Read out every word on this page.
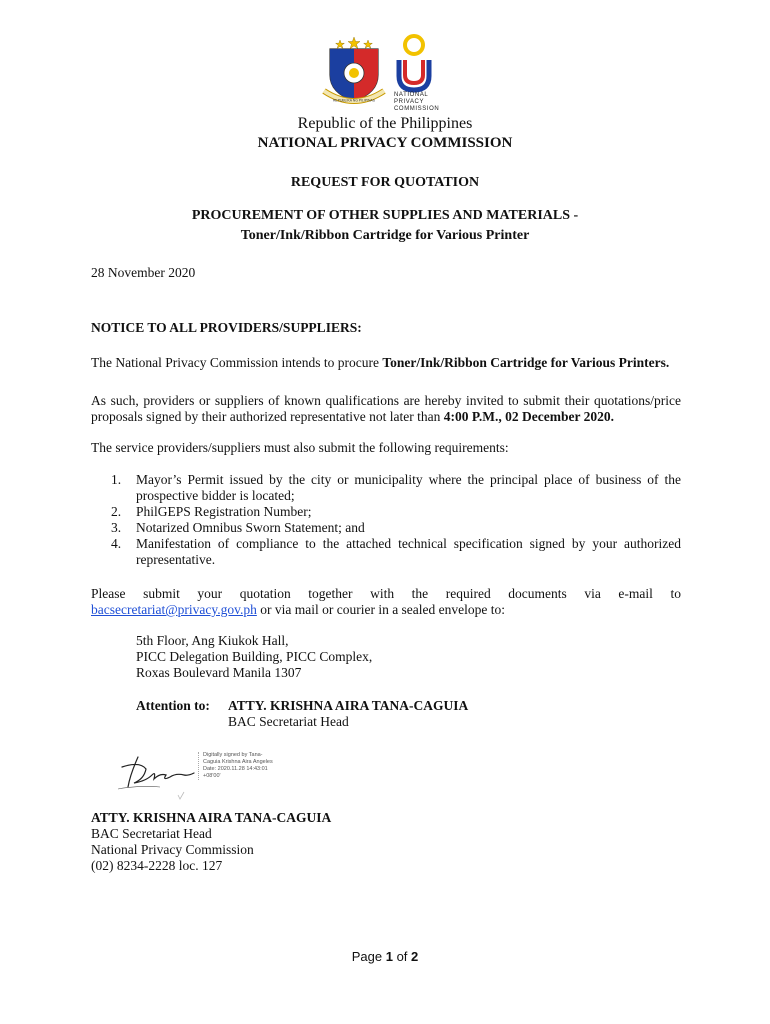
REPUBLIKA NG PILIPINAS
NATIONAL
PRIVACY
COMMISSION
Republic of the Philippines
NATIONAL PRIVACY COMMISSION
REQUEST FOR QUOTATION
PROCUREMENT OF OTHER SUPPLIES AND MATERIALS -
Toner/Ink/Ribbon Cartridge for Various Printer
28 November 2020
NOTICE TO ALL PROVIDERS/SUPPLIERS:
The National Privacy Commission intends to procure Toner/Ink/Ribbon Cartridge for Various Printers.
As such, providers or suppliers of known qualifications are hereby invited to submit their quotations/price
proposals signed by their authorized representative not later than 4:00 P.M., 02 December 2020.
The service providers/suppliers must also submit the following requirements:
1. Mayor’s Permit issued by the city or municipality where the principal place of business of the prospective bidder is located;
2. PhilGEPS Registration Number;
3. Notarized Omnibus Sworn Statement; and
4. Manifestation of compliance to the attached technical specification signed by your authorized representative.
Please submit your quotation together with the required documents via e-mail to
bacsecretariat@privacy.gov.ph or via mail or courier in a sealed envelope to:
5th Floor, Ang Kiukok Hall,
PICC Delegation Building, PICC Complex,
Roxas Boulevard Manila 1307
Attention to: ATTY. KRISHNA AIRA TANA-CAGUIA
BAC Secretariat Head
Digitally signed by Tana-
Caguia Krishna Aira Angeles
Date: 2020.11.28 14:43:01
+08'00'
ATTY. KRISHNA AIRA TANA-CAGUIA
BAC Secretariat Head
National Privacy Commission
(02) 8234-2228 loc. 127
Page 1 of 2
